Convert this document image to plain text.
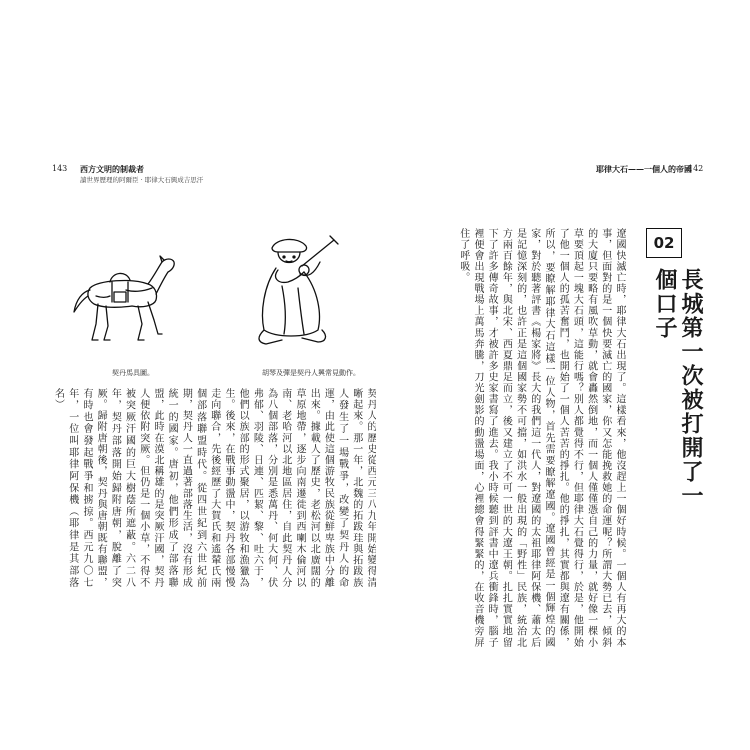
143 西方文明的制裁者
讀世界歷理的阿爾臣 · 耶律大石興成吉思汗
契丹馬具圖。	胡琴及彈是契丹人興常見動作。
契丹人的歷史從西元三八九年開始變得清晰起來。那一年，北魏的拓跋珪與拓跋族人發生了一場戰爭，改變了契丹人的命運，由此使這個游牧民族從鮮卑族中分離出來。據載人了歷史，老松河以北廣闊的草原地帶，逐步向南遷徙到西喇木倫河以南、老哈河以北地區居住，自此契丹人分為八個部落，分別是悉萬丹、何大何、伏弗郁、羽陵、日連、匹絜、黎、吐六于，他們以族部的形式聚居，以游牧和漁獵為生。後來，在戰事動盪中，契丹各部慢慢走向聯合，先後經歷了大賀氏和遙輦氏兩個部落聯盟時代。從四世紀到六世紀前期，契丹人一直過著部落生活，沒有形成統一的國家。唐初，他們形成了部落聯盟，此時在漠北稱雄的是突厥汗國，契丹人便依附突厥。但仍是一個小草，不得不被突厥汗國的巨大樹蔭所遮蔽。六二八年，契丹部落開始歸附唐朝，脫離了突厥。歸附唐朝後，契丹與唐朝既有聯盟，有時也會發起戰爭和掳掠。西元九〇七年，一位叫耶律阿保機（耶律是其部落名）
耶律大石——一個人的帝國
142
02
長城第一次被打開了一個口子
遼國快滅亡時，耶律大石出現了。這樣看來，他沒趕上一個好時候。一個人有再大的本事，但面對的是一個快要滅亡的國家，你又怎能挽救她的命運呢？所謂大勢已去，傾斜的大廈只要略有風吹草動，就會轟然倒地，而一個人僅僅憑自己的力量，就好像一棵小草要頂起一塊大石頭，這能行嗎？別人都覺得不行，但耶律大石覺得行，於是，他開始了他一個人的孤苦奮鬥，也開始了一個人苦苦的掙扎。他的掙扎，其實都與遼有關係，所以，要瞭解耶律大石這樣一位人物，首先需要瞭解遼國。遼國曾經是一個輝煌的國家，對於聽著評書《楊家將》長大的我們這一代人，對遼國的太祖耶律阿保機、蕭太后是記憶深刻的，也許正是這個國家勢不可擋，如洪水一般出現的「野性」民族，統治北方兩百餘年，與北宋、西夏鼎足而立，後又建立了不可一世的大遼王朝。扎扎實實地留下了許多傳奇故事，才被許多史家書寫了進去。我小時候聽到評書中遼兵衝鋒時，腦子裡便會出現戰場上萬馬奔騰，刀光劍影的動盪場面，心裡總會得緊緊的，在收音機旁屏住了呼吸。
